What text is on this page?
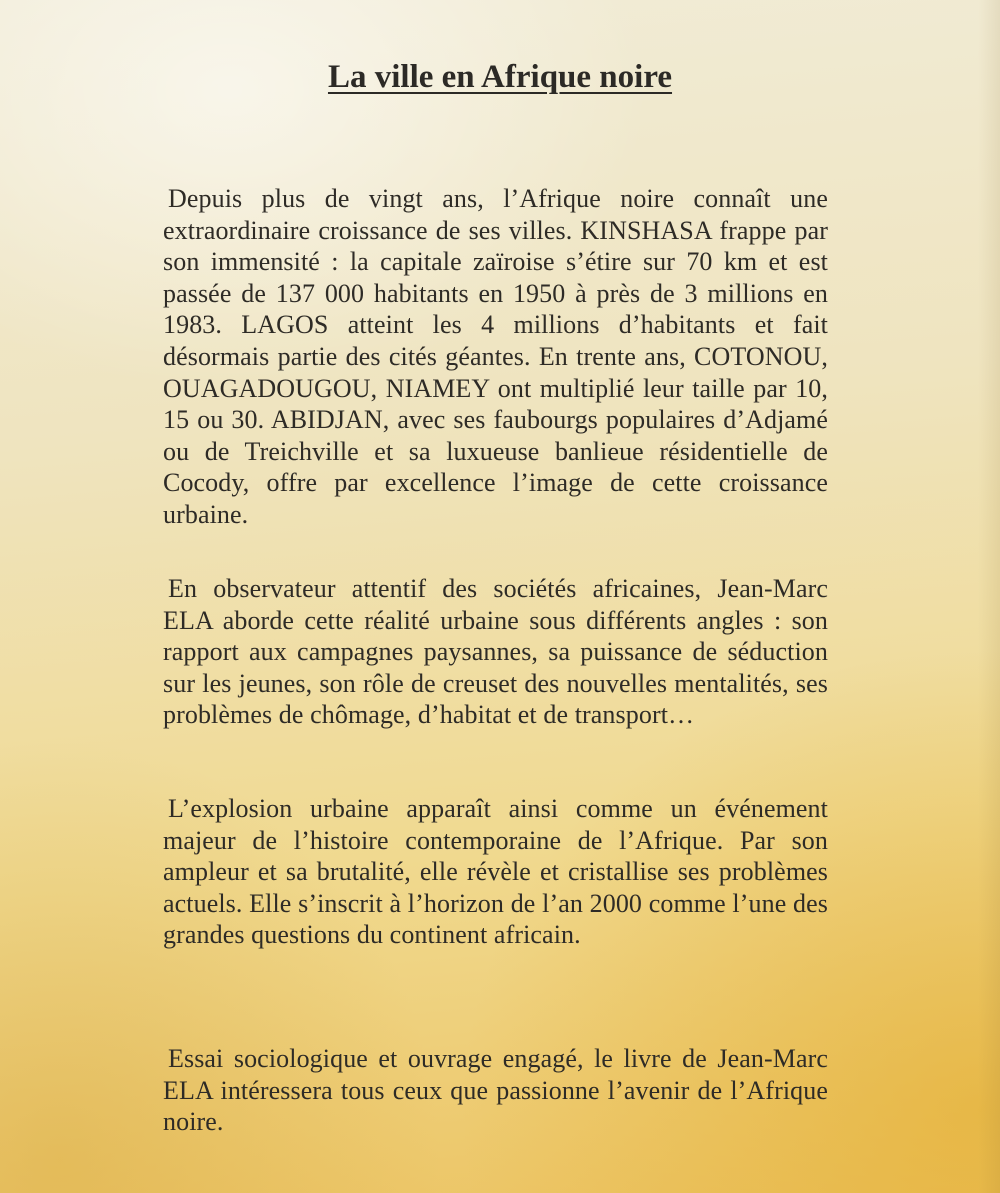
La ville en Afrique noire

Depuis plus de vingt ans, l’Afrique noire connaît une extraordinaire croissance de ses villes. KINSHASA frappe par son immensité : la capitale zaïroise s’étire sur 70 km et est passée de 137 000 habitants en 1950 à près de 3 millions en 1983. LAGOS atteint les 4 millions d’habitants et fait désormais partie des cités géantes. En trente ans, COTONOU, OUAGADOUGOU, NIAMEY ont multiplié leur taille par 10, 15 ou 30. ABIDJAN, avec ses faubourgs populaires d’Adjamé ou de Treichville et sa luxueuse banlieue résidentielle de Cocody, offre par excellence l’image de cette croissance urbaine.

En observateur attentif des sociétés africaines, Jean-Marc ELA aborde cette réalité urbaine sous différents angles : son rapport aux campagnes paysannes, sa puissance de séduction sur les jeunes, son rôle de creuset des nouvelles mentalités, ses problèmes de chômage, d’habitat et de transport…

L’explosion urbaine apparaît ainsi comme un événement majeur de l’histoire contemporaine de l’Afrique. Par son ampleur et sa brutalité, elle révèle et cristallise ses problèmes actuels. Elle s’inscrit à l’horizon de l’an 2000 comme l’une des grandes questions du continent africain.

Essai sociologique et ouvrage engagé, le livre de Jean-Marc ELA intéressera tous ceux que passionne l’avenir de l’Afrique noire.
